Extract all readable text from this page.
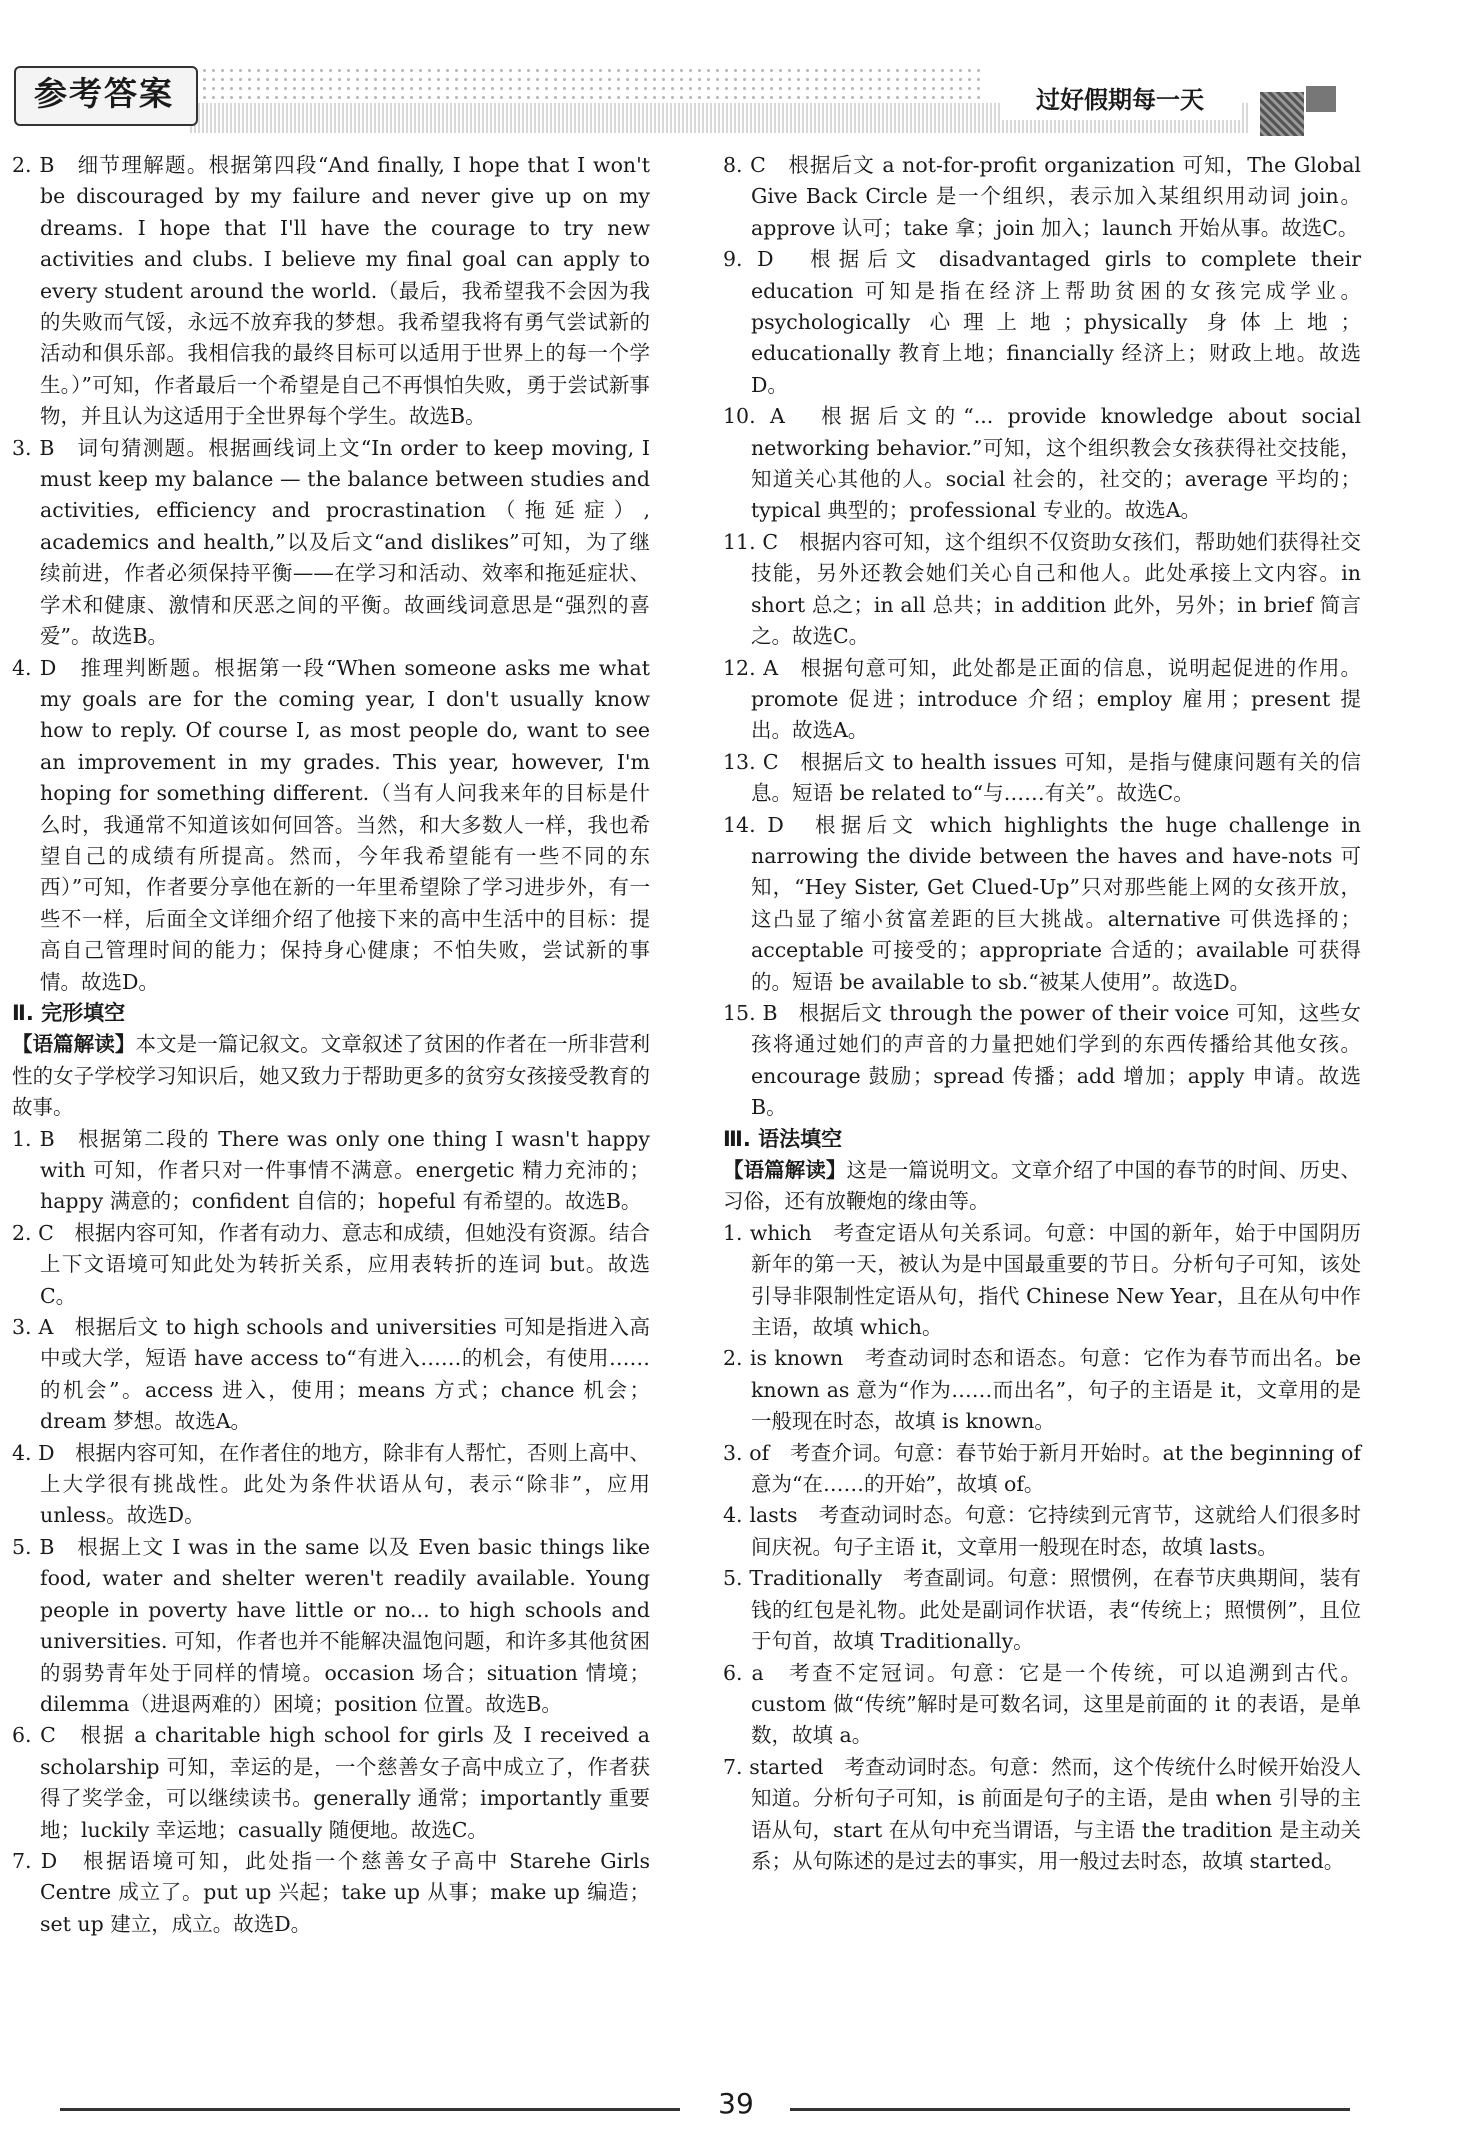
参考答案	过好假期每一天

2. B　细节理解题。根据第四段“And finally, I hope that I won't be discouraged by my failure and never give up on my dreams. I hope that I'll have the courage to try new activities and clubs. I believe my final goal can apply to every student around the world.（最后，我希望我不会因为我的失败而气馁，永远不放弃我的梦想。我希望我将有勇气尝试新的活动和俱乐部。我相信我的最终目标可以适用于世界上的每一个学生。）”可知，作者最后一个希望是自己不再惧怕失败，勇于尝试新事物，并且认为这适用于全世界每个学生。故选B。

3. B　词句猜测题。根据画线词上文“In order to keep moving, I must keep my balance — the balance between studies and activities, efficiency and procrastination（拖延症）, academics and health,”以及后文“and dislikes”可知，为了继续前进，作者必须保持平衡——在学习和活动、效率和拖延症状、学术和健康、激情和厌恶之间的平衡。故画线词意思是“强烈的喜爱”。故选B。

4. D　推理判断题。根据第一段“When someone asks me what my goals are for the coming year, I don't usually know how to reply. Of course I, as most people do, want to see an improvement in my grades. This year, however, I'm hoping for something different.（当有人问我来年的目标是什么时，我通常不知道该如何回答。当然，和大多数人一样，我也希望自己的成绩有所提高。然而，今年我希望能有一些不同的东西）”可知，作者要分享他在新的一年里希望除了学习进步外，有一些不一样，后面全文详细介绍了他接下来的高中生活中的目标：提高自己管理时间的能力；保持身心健康；不怕失败，尝试新的事情。故选D。

Ⅱ. 完形填空

【语篇解读】本文是一篇记叙文。文章叙述了贫困的作者在一所非营利性的女子学校学习知识后，她又致力于帮助更多的贫穷女孩接受教育的故事。

1. B　根据第二段的 There was only one thing I wasn't happy with 可知，作者只对一件事情不满意。energetic 精力充沛的；happy 满意的；confident 自信的；hopeful 有希望的。故选B。

2. C　根据内容可知，作者有动力、意志和成绩，但她没有资源。结合上下文语境可知此处为转折关系，应用表转折的连词 but。故选C。

3. A　根据后文 to high schools and universities 可知是指进入高中或大学，短语 have access to“有进入……的机会，有使用……的机会”。access 进入，使用；means 方式；chance 机会；dream 梦想。故选A。

4. D　根据内容可知，在作者住的地方，除非有人帮忙，否则上高中、上大学很有挑战性。此处为条件状语从句，表示“除非”，应用 unless。故选D。

5. B　根据上文 I was in the same 以及 Even basic things like food, water and shelter weren't readily available. Young people in poverty have little or no... to high schools and universities. 可知，作者也并不能解决温饱问题，和许多其他贫困的弱势青年处于同样的情境。occasion 场合；situation 情境；dilemma（进退两难的）困境；position 位置。故选B。

6. C　根据 a charitable high school for girls 及 I received a scholarship 可知，幸运的是，一个慈善女子高中成立了，作者获得了奖学金，可以继续读书。generally 通常；importantly 重要地；luckily 幸运地；casually 随便地。故选C。

7. D　根据语境可知，此处指一个慈善女子高中 Starehe Girls Centre 成立了。put up 兴起；take up 从事；make up 编造；set up 建立，成立。故选D。

8. C　根据后文 a not-for-profit organization 可知，The Global Give Back Circle 是一个组织，表示加入某组织用动词 join。approve 认可；take 拿；join 加入；launch 开始从事。故选C。

9. D　根据后文 disadvantaged girls to complete their education 可知是指在经济上帮助贫困的女孩完成学业。psychologically 心理上地；physically 身体上地；educationally 教育上地；financially 经济上；财政上地。故选D。

10. A　根据后文的“... provide knowledge about social networking behavior.”可知，这个组织教会女孩获得社交技能，知道关心其他的人。social 社会的，社交的；average 平均的；typical 典型的；professional 专业的。故选A。

11. C　根据内容可知，这个组织不仅资助女孩们，帮助她们获得社交技能，另外还教会她们关心自己和他人。此处承接上文内容。in short 总之；in all 总共；in addition 此外，另外；in brief 简言之。故选C。

12. A　根据句意可知，此处都是正面的信息，说明起促进的作用。promote 促进；introduce 介绍；employ 雇用；present 提出。故选A。

13. C　根据后文 to health issues 可知，是指与健康问题有关的信息。短语 be related to“与……有关”。故选C。

14. D　根据后文 which highlights the huge challenge in narrowing the divide between the haves and have-nots 可知，“Hey Sister, Get Clued-Up”只对那些能上网的女孩开放，这凸显了缩小贫富差距的巨大挑战。alternative 可供选择的；acceptable 可接受的；appropriate 合适的；available 可获得的。短语 be available to sb.“被某人使用”。故选D。

15. B　根据后文 through the power of their voice 可知，这些女孩将通过她们的声音的力量把她们学到的东西传播给其他女孩。encourage 鼓励；spread 传播；add 增加；apply 申请。故选B。

Ⅲ. 语法填空

【语篇解读】这是一篇说明文。文章介绍了中国的春节的时间、历史、习俗，还有放鞭炮的缘由等。

1. which　考查定语从句关系词。句意：中国的新年，始于中国阴历新年的第一天，被认为是中国最重要的节日。分析句子可知，该处引导非限制性定语从句，指代 Chinese New Year，且在从句中作主语，故填 which。

2. is known　考查动词时态和语态。句意：它作为春节而出名。be known as 意为“作为……而出名”，句子的主语是 it，文章用的是一般现在时态，故填 is known。

3. of　考查介词。句意：春节始于新月开始时。at the beginning of 意为“在……的开始”，故填 of。

4. lasts　考查动词时态。句意：它持续到元宵节，这就给人们很多时间庆祝。句子主语 it，文章用一般现在时态，故填 lasts。

5. Traditionally　考查副词。句意：照惯例，在春节庆典期间，装有钱的红包是礼物。此处是副词作状语，表“传统上；照惯例”，且位于句首，故填 Traditionally。

6. a　考查不定冠词。句意：它是一个传统，可以追溯到古代。custom 做“传统”解时是可数名词，这里是前面的 it 的表语，是单数，故填 a。

7. started　考查动词时态。句意：然而，这个传统什么时候开始没人知道。分析句子可知，is 前面是句子的主语，是由 when 引导的主语从句，start 在从句中充当谓语，与主语 the tradition 是主动关系；从句陈述的是过去的事实，用一般过去时态，故填 started。

39
